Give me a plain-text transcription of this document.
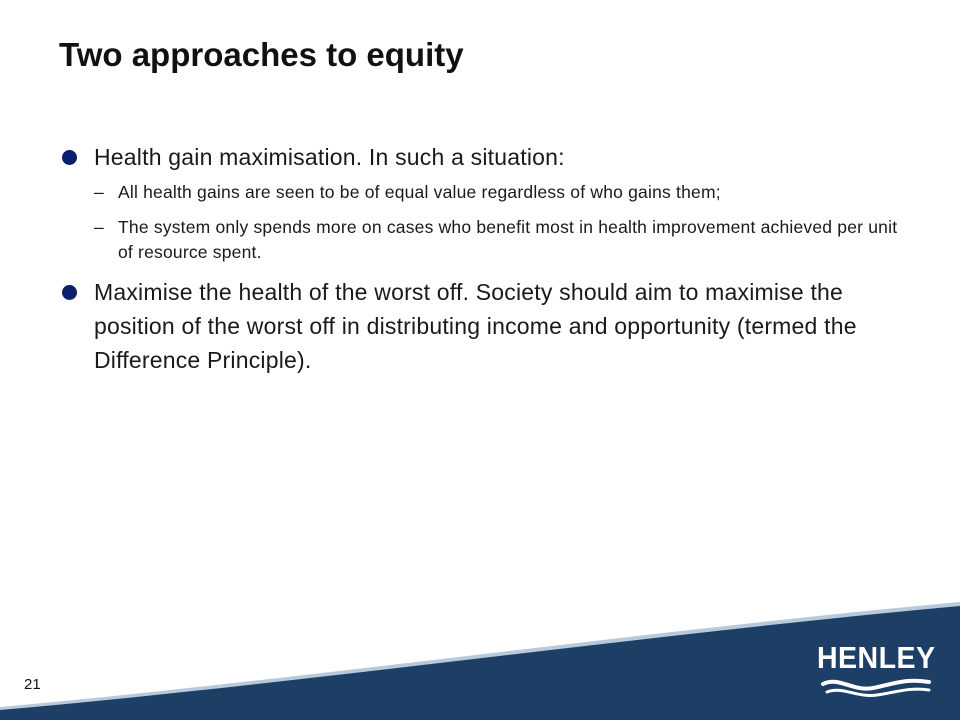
Two approaches to equity
Health gain maximisation. In such a situation:
– All health gains are seen to be of equal value regardless of who gains them;
– The system only spends more on cases who benefit most in health improvement achieved per unit of resource spent.
Maximise the health of the worst off. Society should aim to maximise the position of the worst off in distributing income and opportunity (termed the Difference Principle).
21
HENLEY
